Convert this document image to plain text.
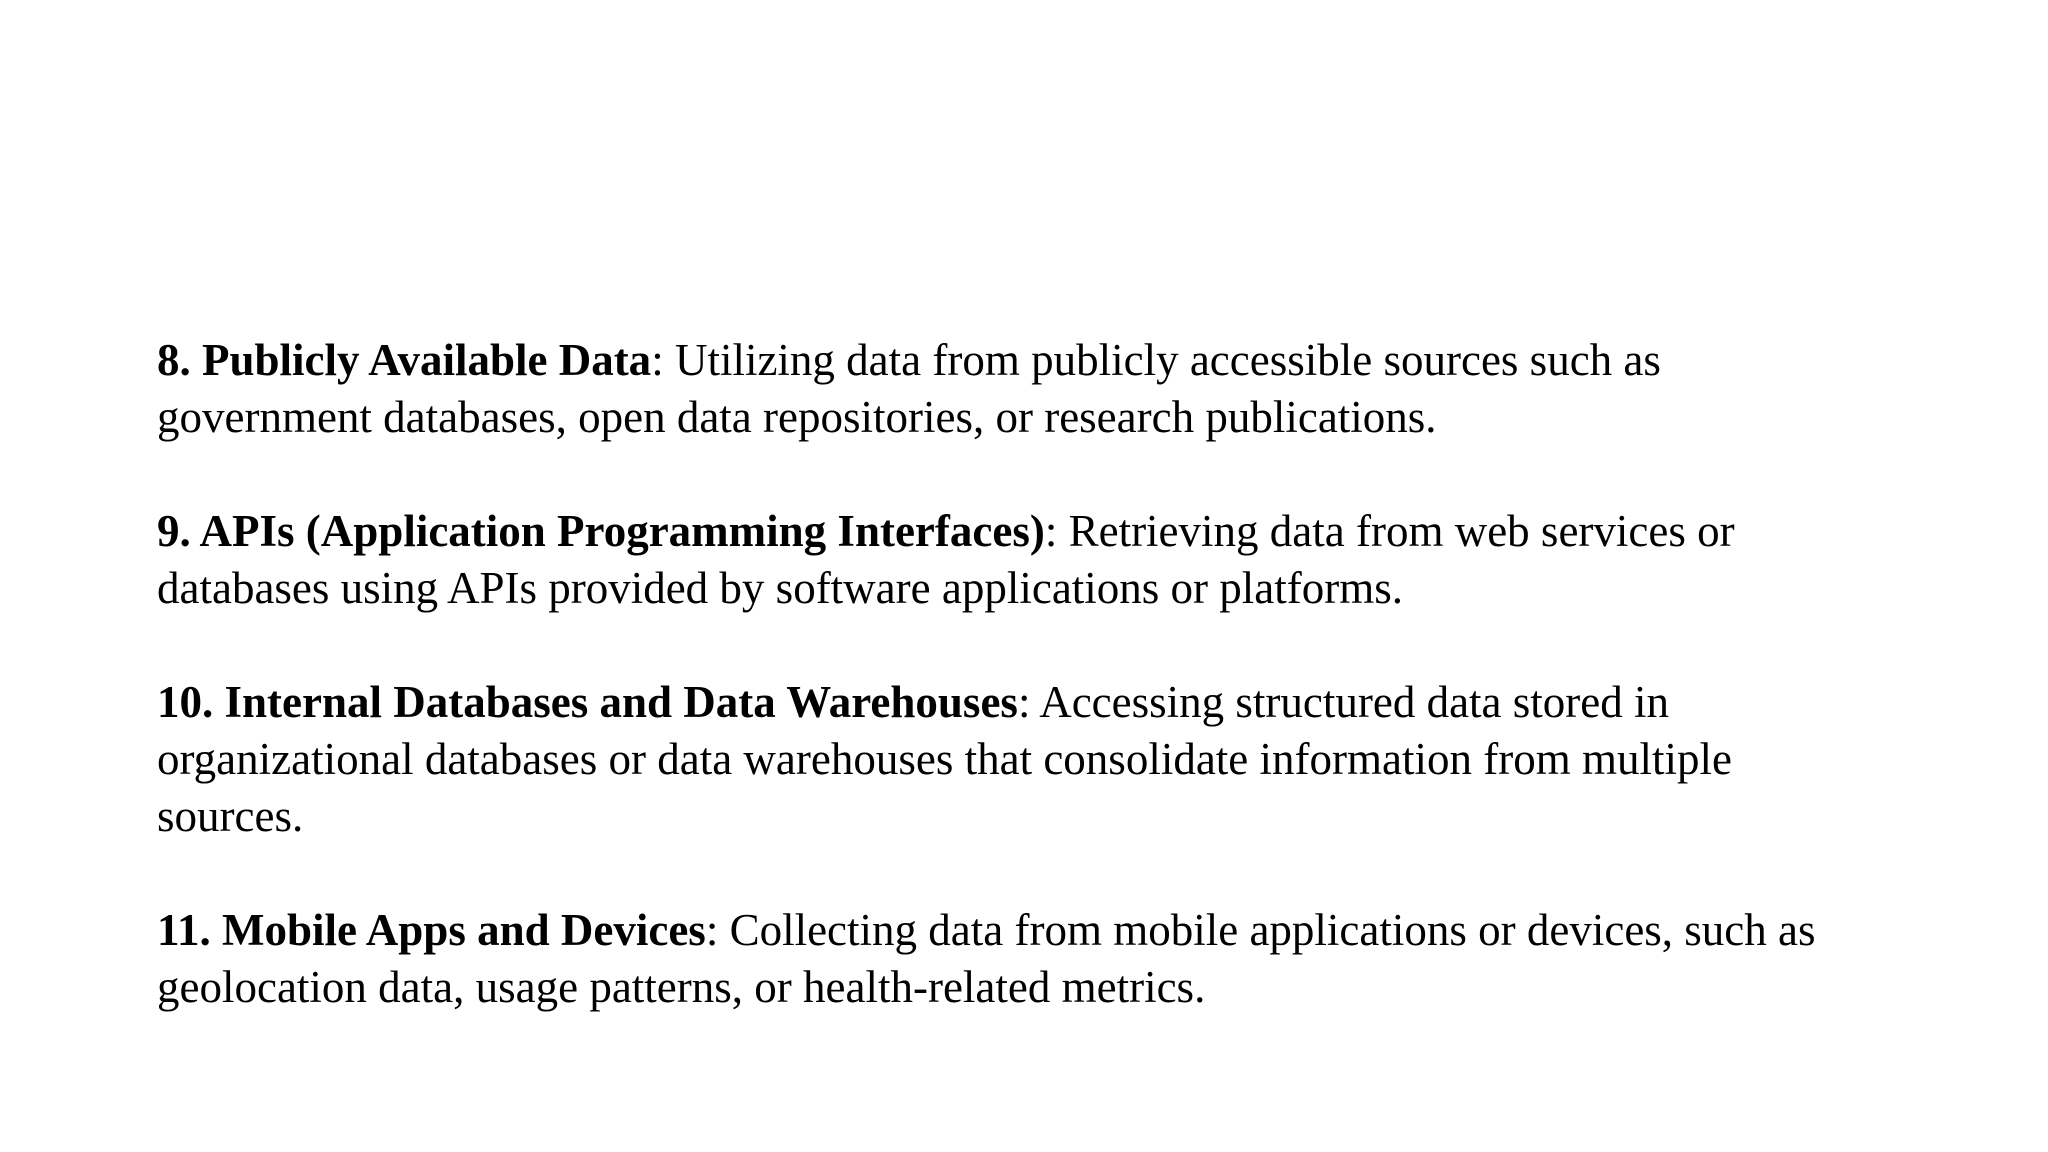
8. Publicly Available Data: Utilizing data from publicly accessible sources such as government databases, open data repositories, or research publications.

9. APIs (Application Programming Interfaces): Retrieving data from web services or databases using APIs provided by software applications or platforms.

10. Internal Databases and Data Warehouses: Accessing structured data stored in organizational databases or data warehouses that consolidate information from multiple sources.

11. Mobile Apps and Devices: Collecting data from mobile applications or devices, such as geolocation data, usage patterns, or health-related metrics.
